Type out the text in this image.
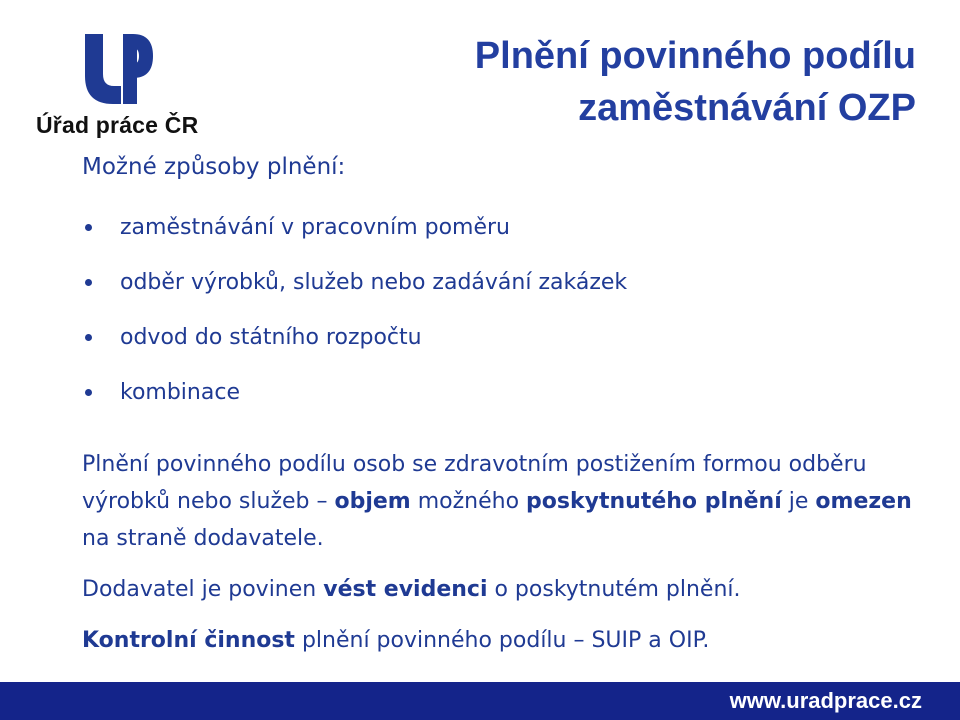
Úřad práce ČR
Plnění povinného podílu
zaměstnávání OZP
Možné způsoby plnění:
zaměstnávání v pracovním poměru
odběr výrobků, služeb nebo zadávání zakázek
odvod do státního rozpočtu
kombinace

Plnění povinného podílu osob se zdravotním postižením formou odběru výrobků nebo služeb – objem možného poskytnutého plnění je omezen na straně dodavatele.

Dodavatel je povinen vést evidenci o poskytnutém plnění.

Kontrolní činnost plnění povinného podílu – SUIP a OIP.

www.uradprace.cz
